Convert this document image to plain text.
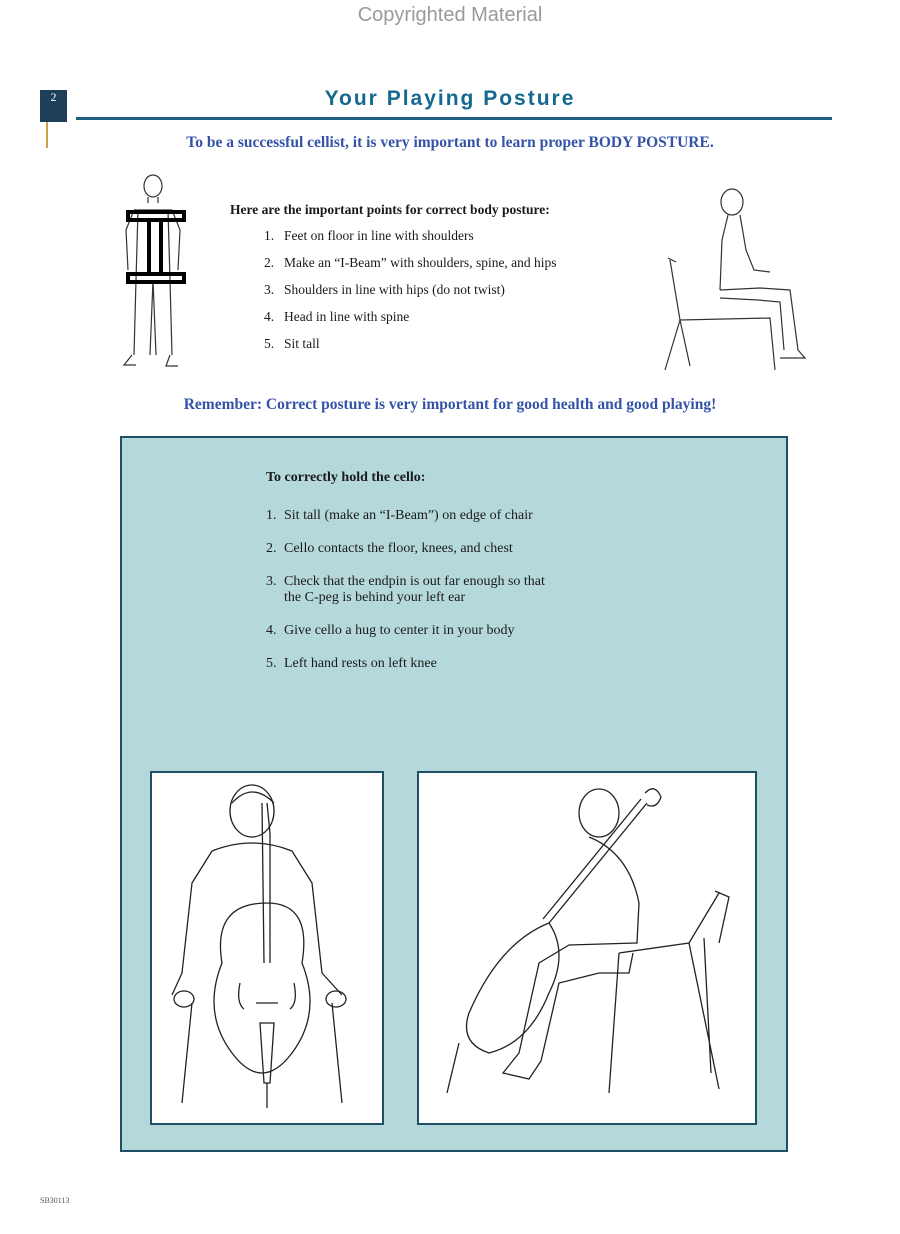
Copyrighted Material
2	Your Playing Posture
To be a successful cellist, it is very important to learn proper BODY POSTURE.
Here are the important points for correct body posture:
1. Feet on floor in line with shoulders
2. Make an “I-Beam” with shoulders, spine, and hips
3. Shoulders in line with hips (do not twist)
4. Head in line with spine
5. Sit tall
Remember: Correct posture is very important for good health and good playing!
To correctly hold the cello:
1. Sit tall (make an “I-Beam”) on edge of chair
2. Cello contacts the floor, knees, and chest
3. Check that the endpin is out far enough so that
the C-peg is behind your left ear
4. Give cello a hug to center it in your body
5. Left hand rests on left knee
SB30113
